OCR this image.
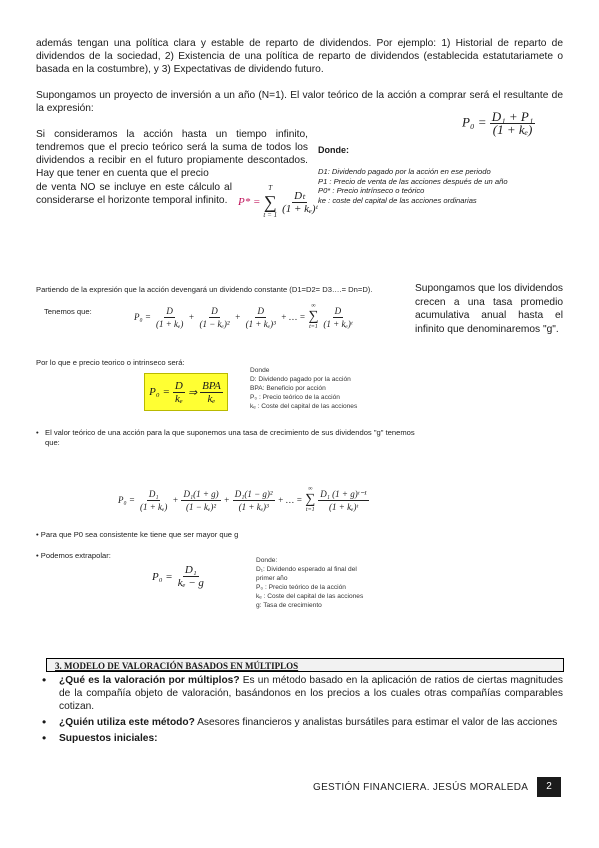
además tengan una política clara y estable de reparto de dividendos. Por ejemplo: 1) Historial de reparto de dividendos de la sociedad, 2) Existencia de una política de reparto de dividendos (establecida estatutariamete o basada en la costumbre), y 3) Expectativas de dividendo futuro.
Supongamos un proyecto de inversión a un año (N=1). El valor teórico de la acción a comprar será el resultante de la expresión:
$P_0 = \frac{\text{D₁ + P₁}}{\text{(1 + kₑ)}}$
Si consideramos la acción hasta un tiempo infinito, tendremos que el precio teórico será la suma de todos los dividendos a recibir en el futuro propiamente descontados. Hay que tener en cuenta que el precio
de venta NO se incluye en este cálculo al considerarse el horizonte temporal infinito. P* =
T
∑
t = 1
$\frac{\text{Dₜ}}{\text{(1 + kₑ)ᵗ}}$
Donde:
D1: Dividendo pagado por la acción en ese periodo
P1 : Precio de venta de las acciones después de un año
P0* : Precio intrínseco o teórico
ke : coste del capital de las acciones ordinarias
Partiendo de la expresión que la acción devengará un dividendo constante (D1=D2= D3….= Dn=D).
Tenemos que:
$P_0 = \frac{D}{\text{(1 + kₑ)}} + \frac{D}{\text{(1 − kₑ)²}} + \frac{D}{\text{(1 + kₑ)³}}$ + … =
∞
∑
$t=1 \frac{D}{\text{(1 + kₑ)ᵗ}}$
Por lo que e precio teorico o intrinseco será:
$P_0 = \frac{D}{\text{kₑ}}$ ⇒ $\frac{\text{BPA}}{\text{kₑ}}$
Donde
D: Dividendo pagado por la acción
BPA: Beneficio por acción
P₀ : Precio teórico de la acción
kₑ : Coste del capital de las acciones
Supongamos que los dividendos crecen a una tasa promedio acumulativa anual hasta el infinito que denominaremos "g".
• El valor teórico de una acción para la que suponemos una tasa de crecimiento de sus dividendos "g" tenemos que:
$P_0 = \frac{\text{D₁}}{\text{(1 + kₑ)}} + \frac{\text{D₁(1 + g)}}{\text{(1 − kₑ)²}} + \frac{\text{D₁(1 − g)²}}{\text{(1 + kₑ)³}}$ + … =
∞
∑
$t=1 \frac{\text{D₁ (1 + g)ᵗ⁻¹}}{\text{(1 + kₑ)ᵗ}}$
• Para que P0 sea consistente ke tiene que ser mayor que g
• Podemos extrapolar:
$P_0 = \frac{\text{D₁}}{\text{kₑ − g}}$
Donde:
D₁: Dividendo esperado al final del primer año
P₀ : Precio teórico de la acción
kₑ : Coste del capital de las acciones
g: Tasa de crecimiento
3. MODELO DE VALORACIÓN BASADOS EN MÚLTIPLOS
• ¿Qué es la valoración por múltiplos? Es un método basado en la aplicación de ratios de ciertas magnitudes de la compañía objeto de valoración, basándonos en los precios a los cuales otras compañías comparables cotizan.
• ¿Quién utiliza este método? Asesores financieros y analistas bursátiles para estimar el valor de las acciones
• Supuestos iniciales:
GESTIÓN FINANCIERA. JESÚS MORALEDA	2
